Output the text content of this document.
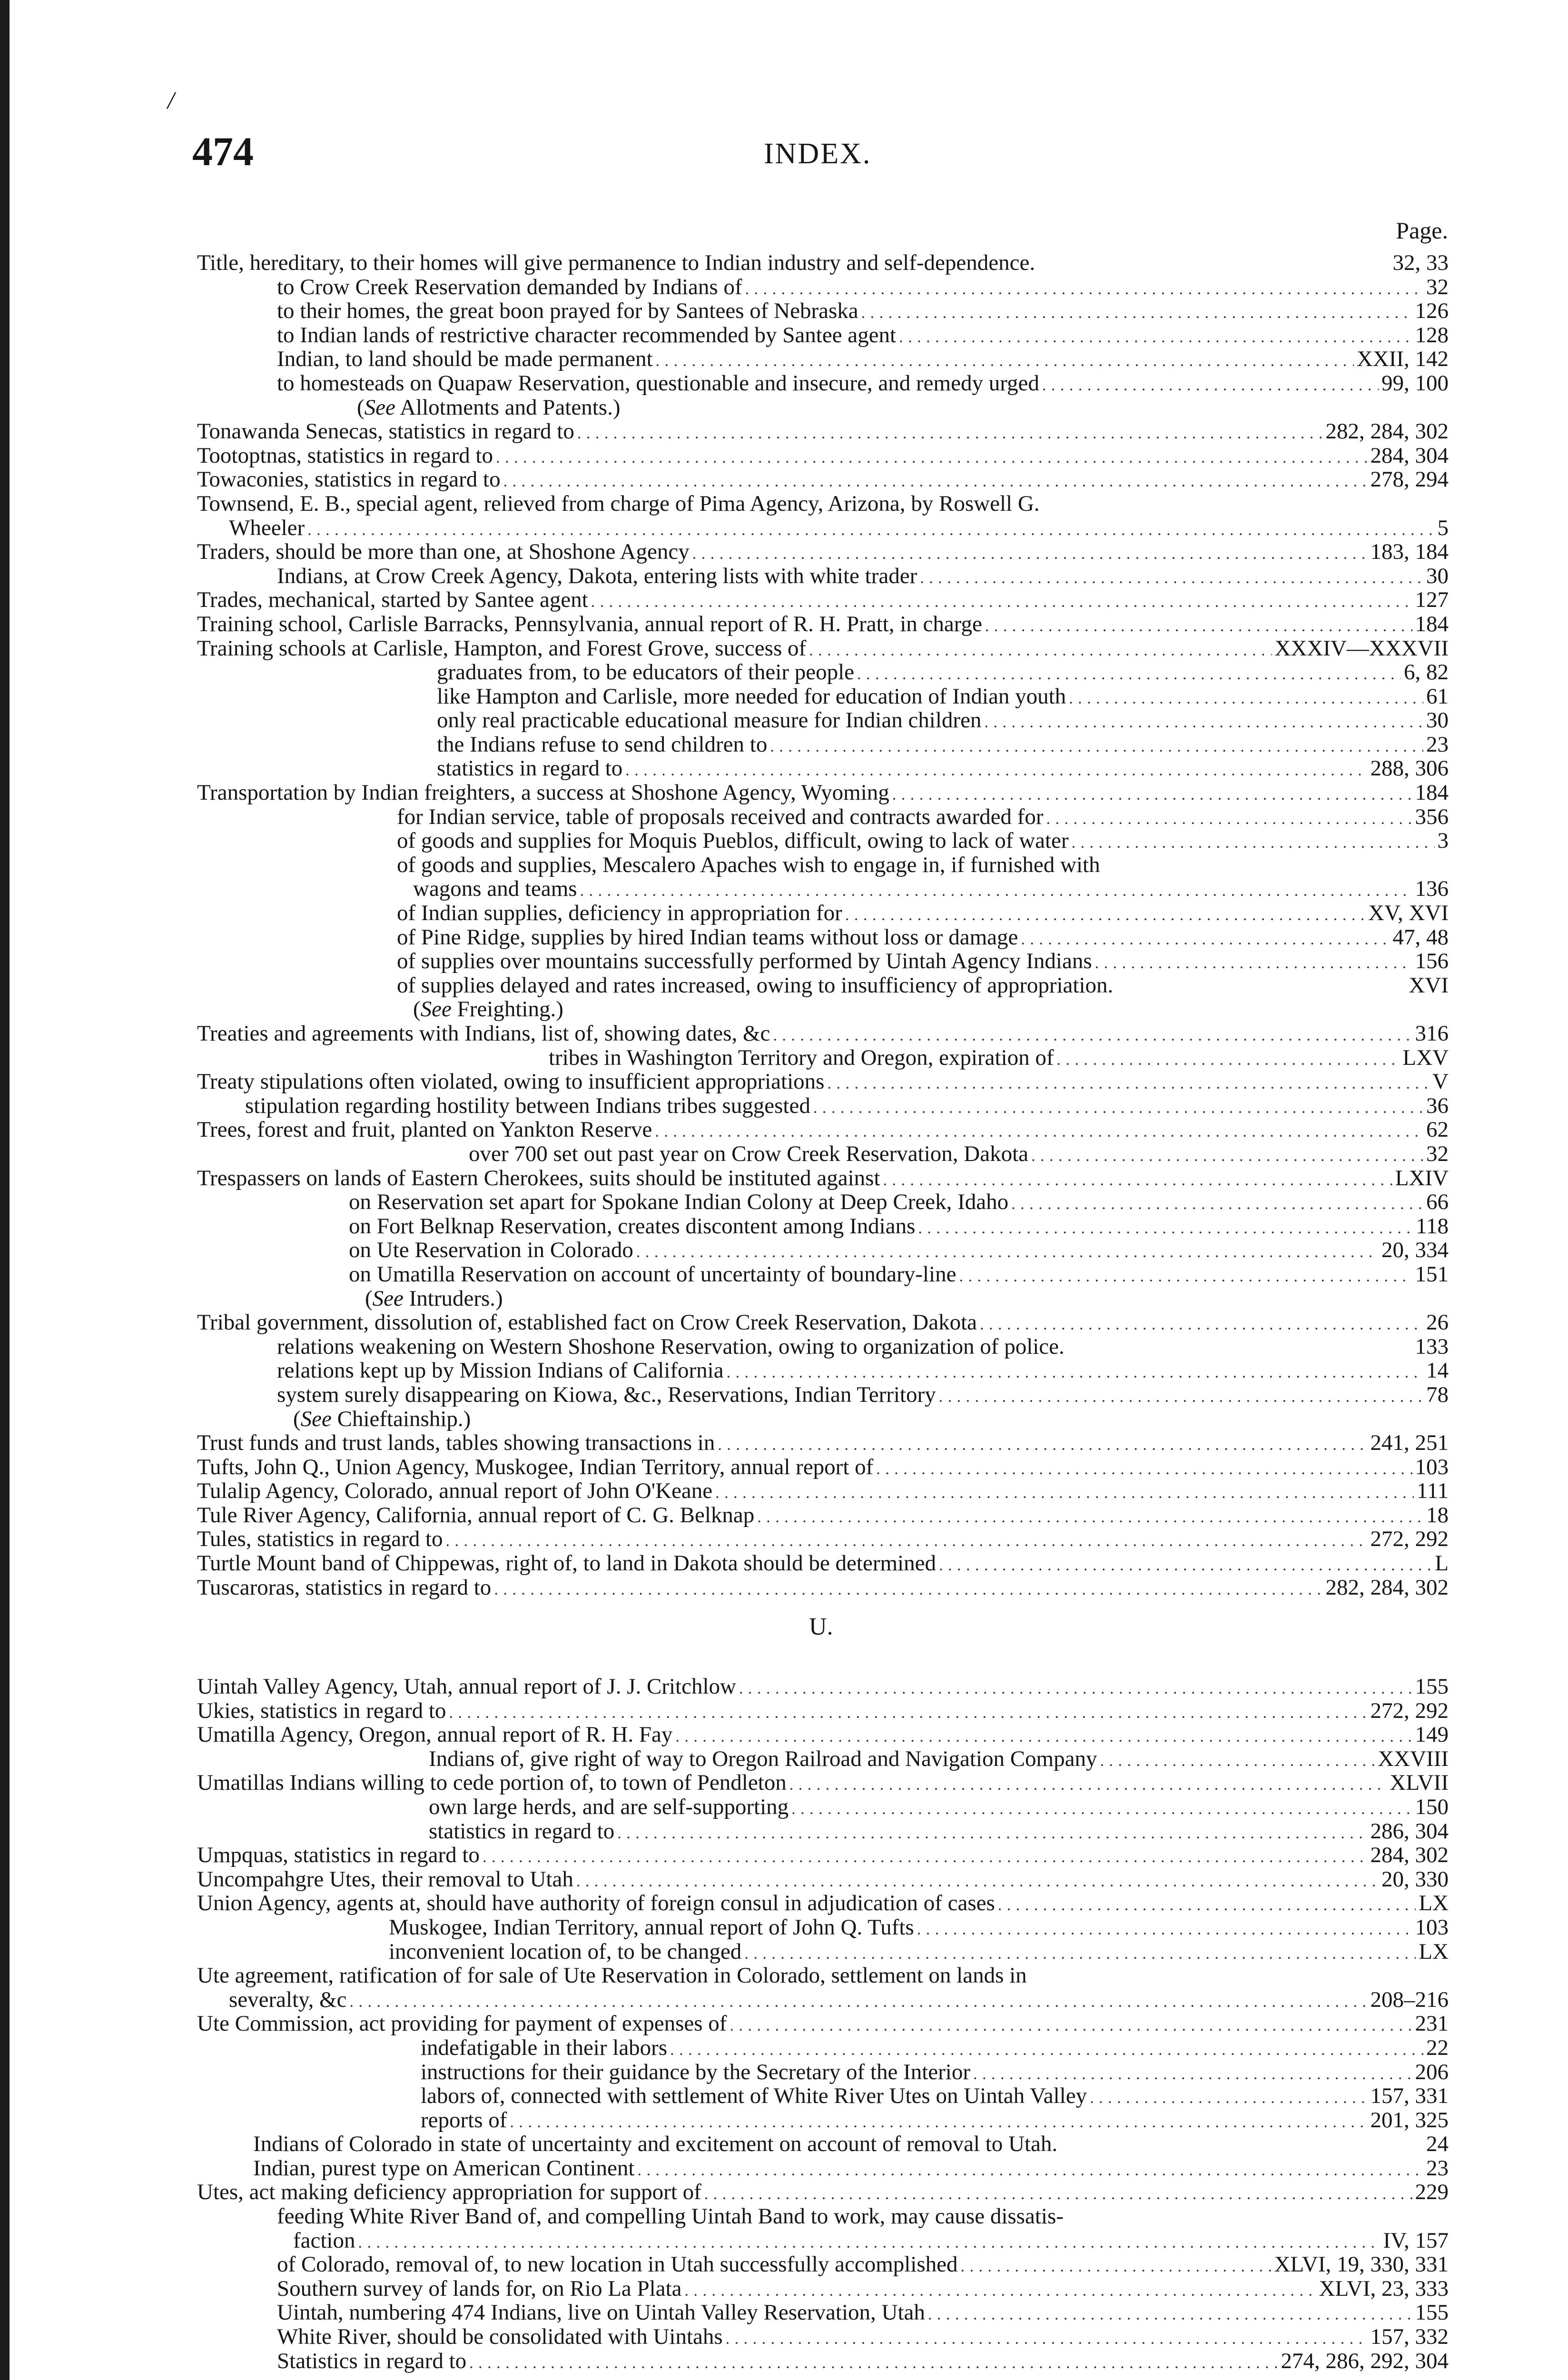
/
474	INDEX.
Page.
Title, hereditary, to their homes will give permanence to Indian industry and self-dependence.	32, 33
to Crow Creek Reservation demanded by Indians of . . .	32
to their homes, the great boon prayed for by Santees of Nebraska . . .	126
to Indian lands of restrictive character recommended by Santee agent . . .	128
Indian, to land should be made permanent . . .	XXII, 142
to homesteads on Quapaw Reservation, questionable and insecure, and remedy urged . . .	99, 100
(See Allotments and Patents.)
Tonawanda Senecas, statistics in regard to . . .	282, 284, 302
Tootoptnas, statistics in regard to . . .	284, 304
Towaconies, statistics in regard to . . .	278, 294
Townsend, E. B., special agent, relieved from charge of Pima Agency, Arizona, by Roswell G.
Wheeler . . .	5
Traders, should be more than one, at Shoshone Agency . . .	183, 184
Indians, at Crow Creek Agency, Dakota, entering lists with white trader . . .	30
Trades, mechanical, started by Santee agent . . .	127
Training school, Carlisle Barracks, Pennsylvania, annual report of R. H. Pratt, in charge . . .	184
Training schools at Carlisle, Hampton, and Forest Grove, success of . . .	XXXIV—XXXVII
graduates from, to be educators of their people . . .	6, 82
like Hampton and Carlisle, more needed for education of Indian youth . . .	61
only real practicable educational measure for Indian children . . .	30
the Indians refuse to send children to . . .	23
statistics in regard to . . .	288, 306
Transportation by Indian freighters, a success at Shoshone Agency, Wyoming . . .	184
for Indian service, table of proposals received and contracts awarded for . . .	356
of goods and supplies for Moquis Pueblos, difficult, owing to lack of water . . .	3
of goods and supplies, Mescalero Apaches wish to engage in, if furnished with
wagons and teams . . .	136
of Indian supplies, deficiency in appropriation for . . .	XV, XVI
of Pine Ridge, supplies by hired Indian teams without loss or damage . . .	47, 48
of supplies over mountains successfully performed by Uintah Agency Indians . . .	156
of supplies delayed and rates increased, owing to insufficiency of appropriation.	XVI
(See Freighting.)
Treaties and agreements with Indians, list of, showing dates, &c . . .	316
tribes in Washington Territory and Oregon, expiration of . . .	LXV
Treaty stipulations often violated, owing to insufficient appropriations . . .	V
stipulation regarding hostility between Indians tribes suggested . . .	36
Trees, forest and fruit, planted on Yankton Reserve . . .	62
over 700 set out past year on Crow Creek Reservation, Dakota . . .	32
Trespassers on lands of Eastern Cherokees, suits should be instituted against . . .	LXIV
on Reservation set apart for Spokane Indian Colony at Deep Creek, Idaho . . .	66
on Fort Belknap Reservation, creates discontent among Indians . . .	118
on Ute Reservation in Colorado . . .	20, 334
on Umatilla Reservation on account of uncertainty of boundary-line . . .	151
(See Intruders.)
Tribal government, dissolution of, established fact on Crow Creek Reservation, Dakota . . .	26
relations weakening on Western Shoshone Reservation, owing to organization of police.	133
relations kept up by Mission Indians of California . . .	14
system surely disappearing on Kiowa, &c., Reservations, Indian Territory . . .	78
(See Chieftainship.)
Trust funds and trust lands, tables showing transactions in . . .	241, 251
Tufts, John Q., Union Agency, Muskogee, Indian Territory, annual report of . . .	103
Tulalip Agency, Colorado, annual report of John O'Keane . . .	111
Tule River Agency, California, annual report of C. G. Belknap . . .	18
Tules, statistics in regard to . . .	272, 292
Turtle Mount band of Chippewas, right of, to land in Dakota should be determined . . .	L
Tuscaroras, statistics in regard to . . .	282, 284, 302
U.
Uintah Valley Agency, Utah, annual report of J. J. Critchlow . . .	155
Ukies, statistics in regard to . . .	272, 292
Umatilla Agency, Oregon, annual report of R. H. Fay . . .	149
Indians of, give right of way to Oregon Railroad and Navigation Company . . .	XXVIII
Umatillas Indians willing to cede portion of, to town of Pendleton . . .	XLVII
own large herds, and are self-supporting . . .	150
statistics in regard to . . .	286, 304
Umpquas, statistics in regard to . . .	284, 302
Uncompahgre Utes, their removal to Utah . . .	20, 330
Union Agency, agents at, should have authority of foreign consul in adjudication of cases . . .	LX
Muskogee, Indian Territory, annual report of John Q. Tufts . . .	103
inconvenient location of, to be changed . . .	LX
Ute agreement, ratification of for sale of Ute Reservation in Colorado, settlement on lands in
severalty, &c . . .	208–216
Ute Commission, act providing for payment of expenses of . . .	231
indefatigable in their labors . . .	22
instructions for their guidance by the Secretary of the Interior . . .	206
labors of, connected with settlement of White River Utes on Uintah Valley . . .	157, 331
reports of . . .	201, 325
Indians of Colorado in state of uncertainty and excitement on account of removal to Utah.	24
Indian, purest type on American Continent . . .	23
Utes, act making deficiency appropriation for support of . . .	229
feeding White River Band of, and compelling Uintah Band to work, may cause dissatis-
faction . . .	IV, 157
of Colorado, removal of, to new location in Utah successfully accomplished . . .	XLVI, 19, 330, 331
Southern survey of lands for, on Rio La Plata . . .	XLVI, 23, 333
Uintah, numbering 474 Indians, live on Uintah Valley Reservation, Utah . . .	155
White River, should be consolidated with Uintahs . . .	157, 332
Statistics in regard to . . .	274, 286, 292, 304
